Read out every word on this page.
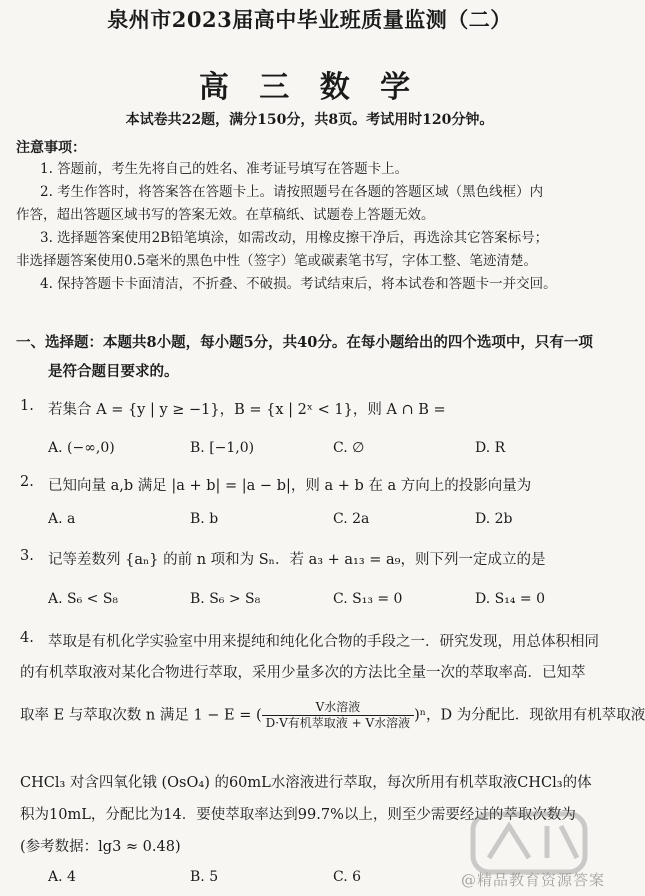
泉州市2023届高中毕业班质量监测（二）
高 三 数 学
本试卷共22题，满分150分，共8页。考试用时120分钟。
注意事项：
1. 答题前，考生先将自己的姓名、准考证号填写在答题卡上。
2. 考生作答时，将答案答在答题卡上。请按照题号在各题的答题区域（黑色线框）内
作答，超出答题区域书写的答案无效。在草稿纸、试题卷上答题无效。
3. 选择题答案使用2B铅笔填涂，如需改动，用橡皮擦干净后，再选涂其它答案标号；
非选择题答案使用0.5毫米的黑色中性（签字）笔或碳素笔书写，字体工整、笔迹清楚。
4. 保持答题卡卡面清洁，不折叠、不破损。考试结束后，将本试卷和答题卡一并交回。
一、选择题：本题共8小题，每小题5分，共40分。在每小题给出的四个选项中，只有一项
是符合题目要求的。
1. 若集合 A = {y | y ≥ −1}，B = {x | 2ˣ < 1}，则 A ∩ B =
A. (−∞,0)	B. [−1,0)	C. ∅	D. R
2. 已知向量 a,b 满足 |a + b| = |a − b|，则 a + b 在 a 方向上的投影向量为
A. a	B. b	C. 2a	D. 2b
3. 记等差数列 {aₙ} 的前 n 项和为 Sₙ．若 a₃ + a₁₃ = a₉，则下列一定成立的是
A. S₆ < S₈	B. S₆ > S₈	C. S₁₃ = 0	D. S₁₄ = 0
4. 萃取是有机化学实验室中用来提纯和纯化化合物的手段之一．研究发现，用总体积相同
的有机萃取液对某化合物进行萃取，采用少量多次的方法比全量一次的萃取率高．已知萃
取率 E 与萃取次数 n 满足 1 − E = ( $\frac{\text{V水溶液}}{\text{D·V有机萃取液 + V水溶液}} )^n$，D 为分配比．现欲用有机萃取液
CHCl₃ 对含四氧化锇 (OsO₄) 的60mL水溶液进行萃取，每次所用有机萃取液CHCl₃的体
积为10mL，分配比为14．要使萃取率达到99.7%以上，则至少需要经过的萃取次数为
(参考数据：lg3 ≈ 0.48)
A. 4	B. 5	C. 6	@精品教育资源答案
